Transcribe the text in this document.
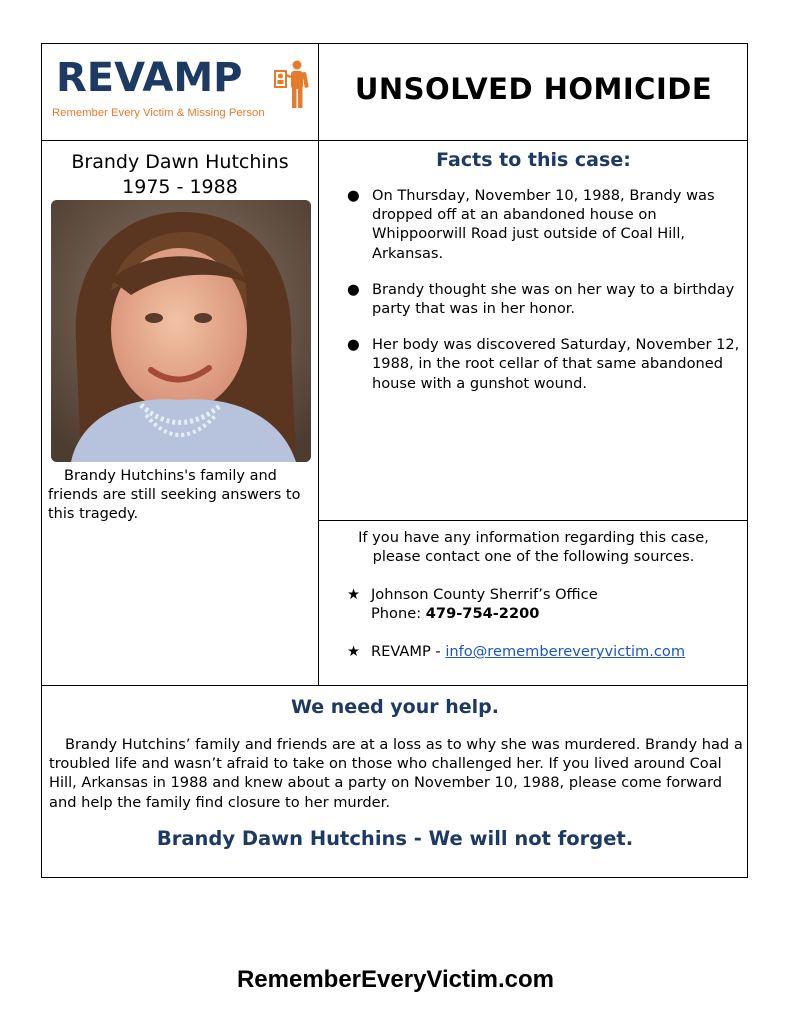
REVAMP
Remember Every Victim & Missing Person
UNSOLVED HOMICIDE
Brandy Dawn Hutchins
1975 - 1988
Brandy Hutchins's family and friends are still seeking answers to this tragedy.
Facts to this case:
● On Thursday, November 10, 1988, Brandy was dropped off at an abandoned house on Whippoorwill Road just outside of Coal Hill, Arkansas.
● Brandy thought she was on her way to a birthday party that was in her honor.
● Her body was discovered Saturday, November 12, 1988, in the root cellar of that same abandoned house with a gunshot wound.
If you have any information regarding this case,
please contact one of the following sources.
★ Johnson County Sherrif’s Office
Phone: 479-754-2200
★ REVAMP - info@remembereveryvictim.com
We need your help.
Brandy Hutchins’ family and friends are at a loss as to why she was murdered. Brandy had a troubled life and wasn’t afraid to take on those who challenged her. If you lived around Coal Hill, Arkansas in 1988 and knew about a party on November 10, 1988, please come forward and help the family find closure to her murder.
Brandy Dawn Hutchins - We will not forget.
RememberEveryVictim.com
